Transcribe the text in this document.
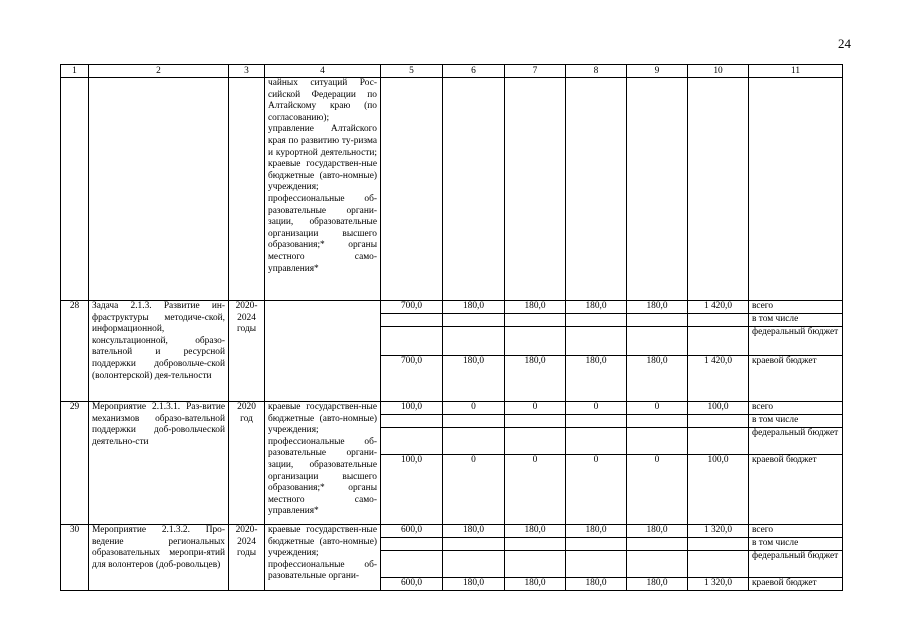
24
1	2	3	4	5	6	7	8	9	10	11
			чайных ситуаций Рос-сийской Федерации по Алтайскому краю (по согласованию); управление Алтайского края по развитию ту-ризма и курортной деятельности; краевые государствен-ные бюджетные (авто-номные) учреждения; профессиональные об-разовательные органи-зации, образовательные организации высшего образования;* органы местного само-управления*							
28	Задача 2.1.3. Развитие ин-фраструктуры методиче-ской, информационной, консультационной, образо-вательной и ресурсной поддержки добровольче-ской (волонтерской) дея-тельности	2020-2024 годы		700,0	180,0	180,0	180,0	180,0	1 420,0	всего
										в том числе
										федеральный бюджет
				700,0	180,0	180,0	180,0	180,0	1 420,0	краевой бюджет
29	Мероприятие 2.1.3.1. Раз-витие механизмов образо-вательной поддержки доб-ровольческой деятельно-сти	2020 год	краевые государствен-ные бюджетные (авто-номные) учреждения; профессиональные об-разовательные органи-зации, образовательные организации высшего образования;* органы местного само-управления*	100,0	0	0	0	0	100,0	всего
										в том числе
										федеральный бюджет
				100,0	0	0	0	0	100,0	краевой бюджет
30	Мероприятие 2.1.3.2. Про-ведение региональных образовательных меропри-ятий для волонтеров (доб-ровольцев)	2020-2024 годы	краевые государствен-ные бюджетные (авто-номные) учреждения; профессиональные об-разовательные органи-	600,0	180,0	180,0	180,0	180,0	1 320,0	всего
										в том числе
										федеральный бюджет
				600,0	180,0	180,0	180,0	180,0	1 320,0	краевой бюджет
